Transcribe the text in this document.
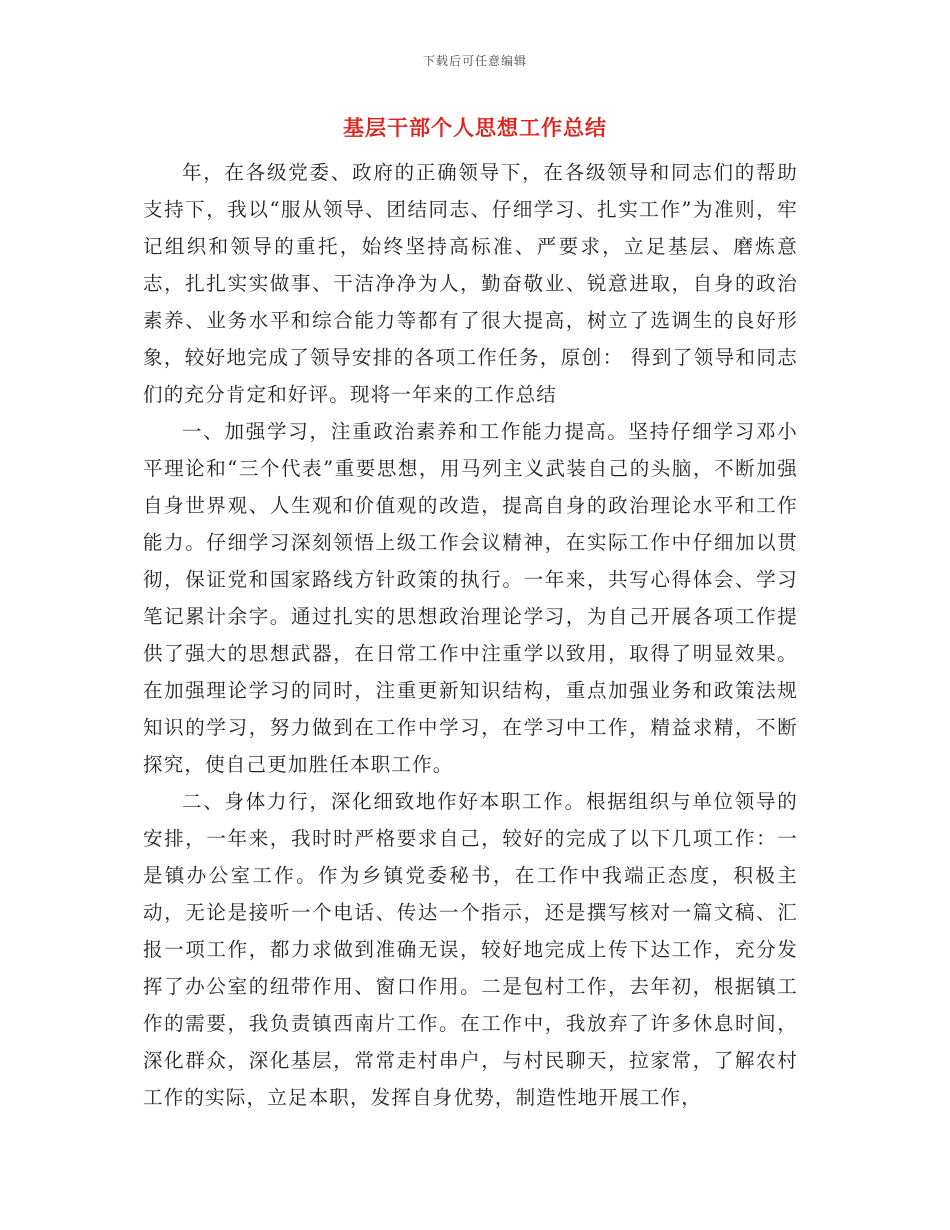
下载后可任意编辑
基层干部个人思想工作总结

年，在各级党委、政府的正确领导下，在各级领导和同志们的帮助支持下，我以“服从领导、团结同志、仔细学习、扎实工作”为准则，牢记组织和领导的重托，始终坚持高标准、严要求，立足基层、磨炼意志，扎扎实实做事、干洁净净为人，勤奋敬业、锐意进取，自身的政治素养、业务水平和综合能力等都有了很大提高，树立了选调生的良好形象，较好地完成了领导安排的各项工作任务，原创： 得到了领导和同志们的充分肯定和好评。现将一年来的工作总结

一、加强学习，注重政治素养和工作能力提高。坚持仔细学习邓小平理论和“三个代表”重要思想，用马列主义武装自己的头脑，不断加强自身世界观、人生观和价值观的改造，提高自身的政治理论水平和工作能力。仔细学习深刻领悟上级工作会议精神，在实际工作中仔细加以贯彻，保证党和国家路线方针政策的执行。一年来，共写心得体会、学习笔记累计余字。通过扎实的思想政治理论学习，为自己开展各项工作提供了强大的思想武器，在日常工作中注重学以致用，取得了明显效果。在加强理论学习的同时，注重更新知识结构，重点加强业务和政策法规知识的学习，努力做到在工作中学习，在学习中工作，精益求精，不断探究，使自己更加胜任本职工作。

二、身体力行，深化细致地作好本职工作。根据组织与单位领导的安排，一年来，我时时严格要求自己，较好的完成了以下几项工作：一是镇办公室工作。作为乡镇党委秘书，在工作中我端正态度，积极主动，无论是接听一个电话、传达一个指示，还是撰写核对一篇文稿、汇报一项工作，都力求做到准确无误，较好地完成上传下达工作，充分发挥了办公室的纽带作用、窗口作用。二是包村工作，去年初，根据镇工作的需要，我负责镇西南片工作。在工作中，我放弃了许多休息时间，深化群众，深化基层，常常走村串户，与村民聊天，拉家常，了解农村工作的实际，立足本职，发挥自身优势，制造性地开展工作，
